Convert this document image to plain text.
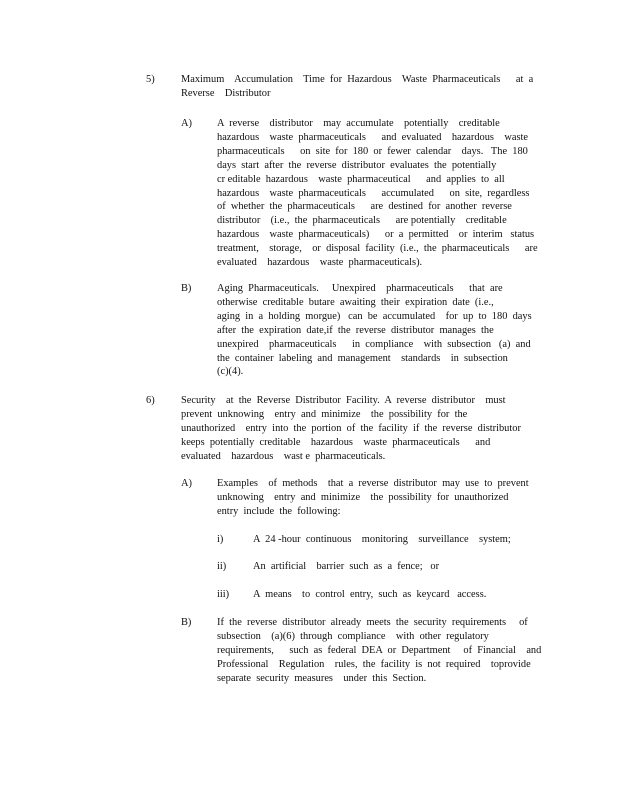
5)	Maximum    Accumulation    Time  for  Hazardous    Waste  Pharmaceuticals      at  a
Reverse    Distributor
A) A  reverse    distributor    may  accumulate    potentially    creditable
hazardous    waste  pharmaceuticals      and  evaluated    hazardous    waste
pharmaceuticals      on  site  for  180  or  fewer  calendar    days.   The  180
days  start  after  the  reverse  distributor  evaluates  the  potentially
cr editable  hazardous    waste  pharmaceutical      and  applies  to  all
hazardous    waste  pharmaceuticals      accumulated      on  site,  regardless
of  whether  the  pharmaceuticals      are  destined  for  another  reverse
distributor    (i.e.,  the  pharmaceuticals      are potentially    creditable
hazardous    waste  pharmaceuticals)      or  a  permitted    or  interim   status
treatment,    storage,    or  disposal  facility  (i.e.,  the  pharmaceuticals      are
evaluated    hazardous    waste  pharmaceuticals).
B) Aging  Pharmaceuticals.     Unexpired    pharmaceuticals      that  are
otherwise  creditable  butare  awaiting  their  expiration  date  (i.e.,
aging  in  a  holding  morgue)   can  be  accumulated    for  up  to  180  days
after  the  expiration  date,if  the  reverse  distributor  manages  the
unexpired    pharmaceuticals      in  compliance    with  subsection   (a)  and
the  container  labeling  and  management    standards    in  subsection
(c)(4).
6)	Security    at  the  Reverse  Distributor  Facility.  A  reverse  distributor    must
prevent  unknowing    entry  and  minimize    the  possibility  for  the
unauthorized    entry  into  the  portion  of  the  facility  if  the  reverse  distributor
keeps  potentially  creditable    hazardous    waste  pharmaceuticals      and
evaluated    hazardous    wast e  pharmaceuticals.
A) Examples    of  methods    that  a  reverse  distributor  may  use  to  prevent
unknowing    entry  and  minimize    the  possibility  for  unauthorized
entry  include  the  following:
i)	A  24 -hour  continuous    monitoring    surveillance    system;
ii)	An  artificial    barrier  such  as  a  fence;   or
iii) A  means    to  control  entry,  such  as  keycard   access.
B) If  the  reverse  distributor  already  meets  the  security  requirements     of
subsection    (a)(6)  through  compliance    with  other  regulatory
requirements,      such  as  federal  DEA  or  Department     of  Financial    and
Professional    Regulation    rules,  the  facility  is  not  required    toprovide
separate  security  measures    under  this  Section.
